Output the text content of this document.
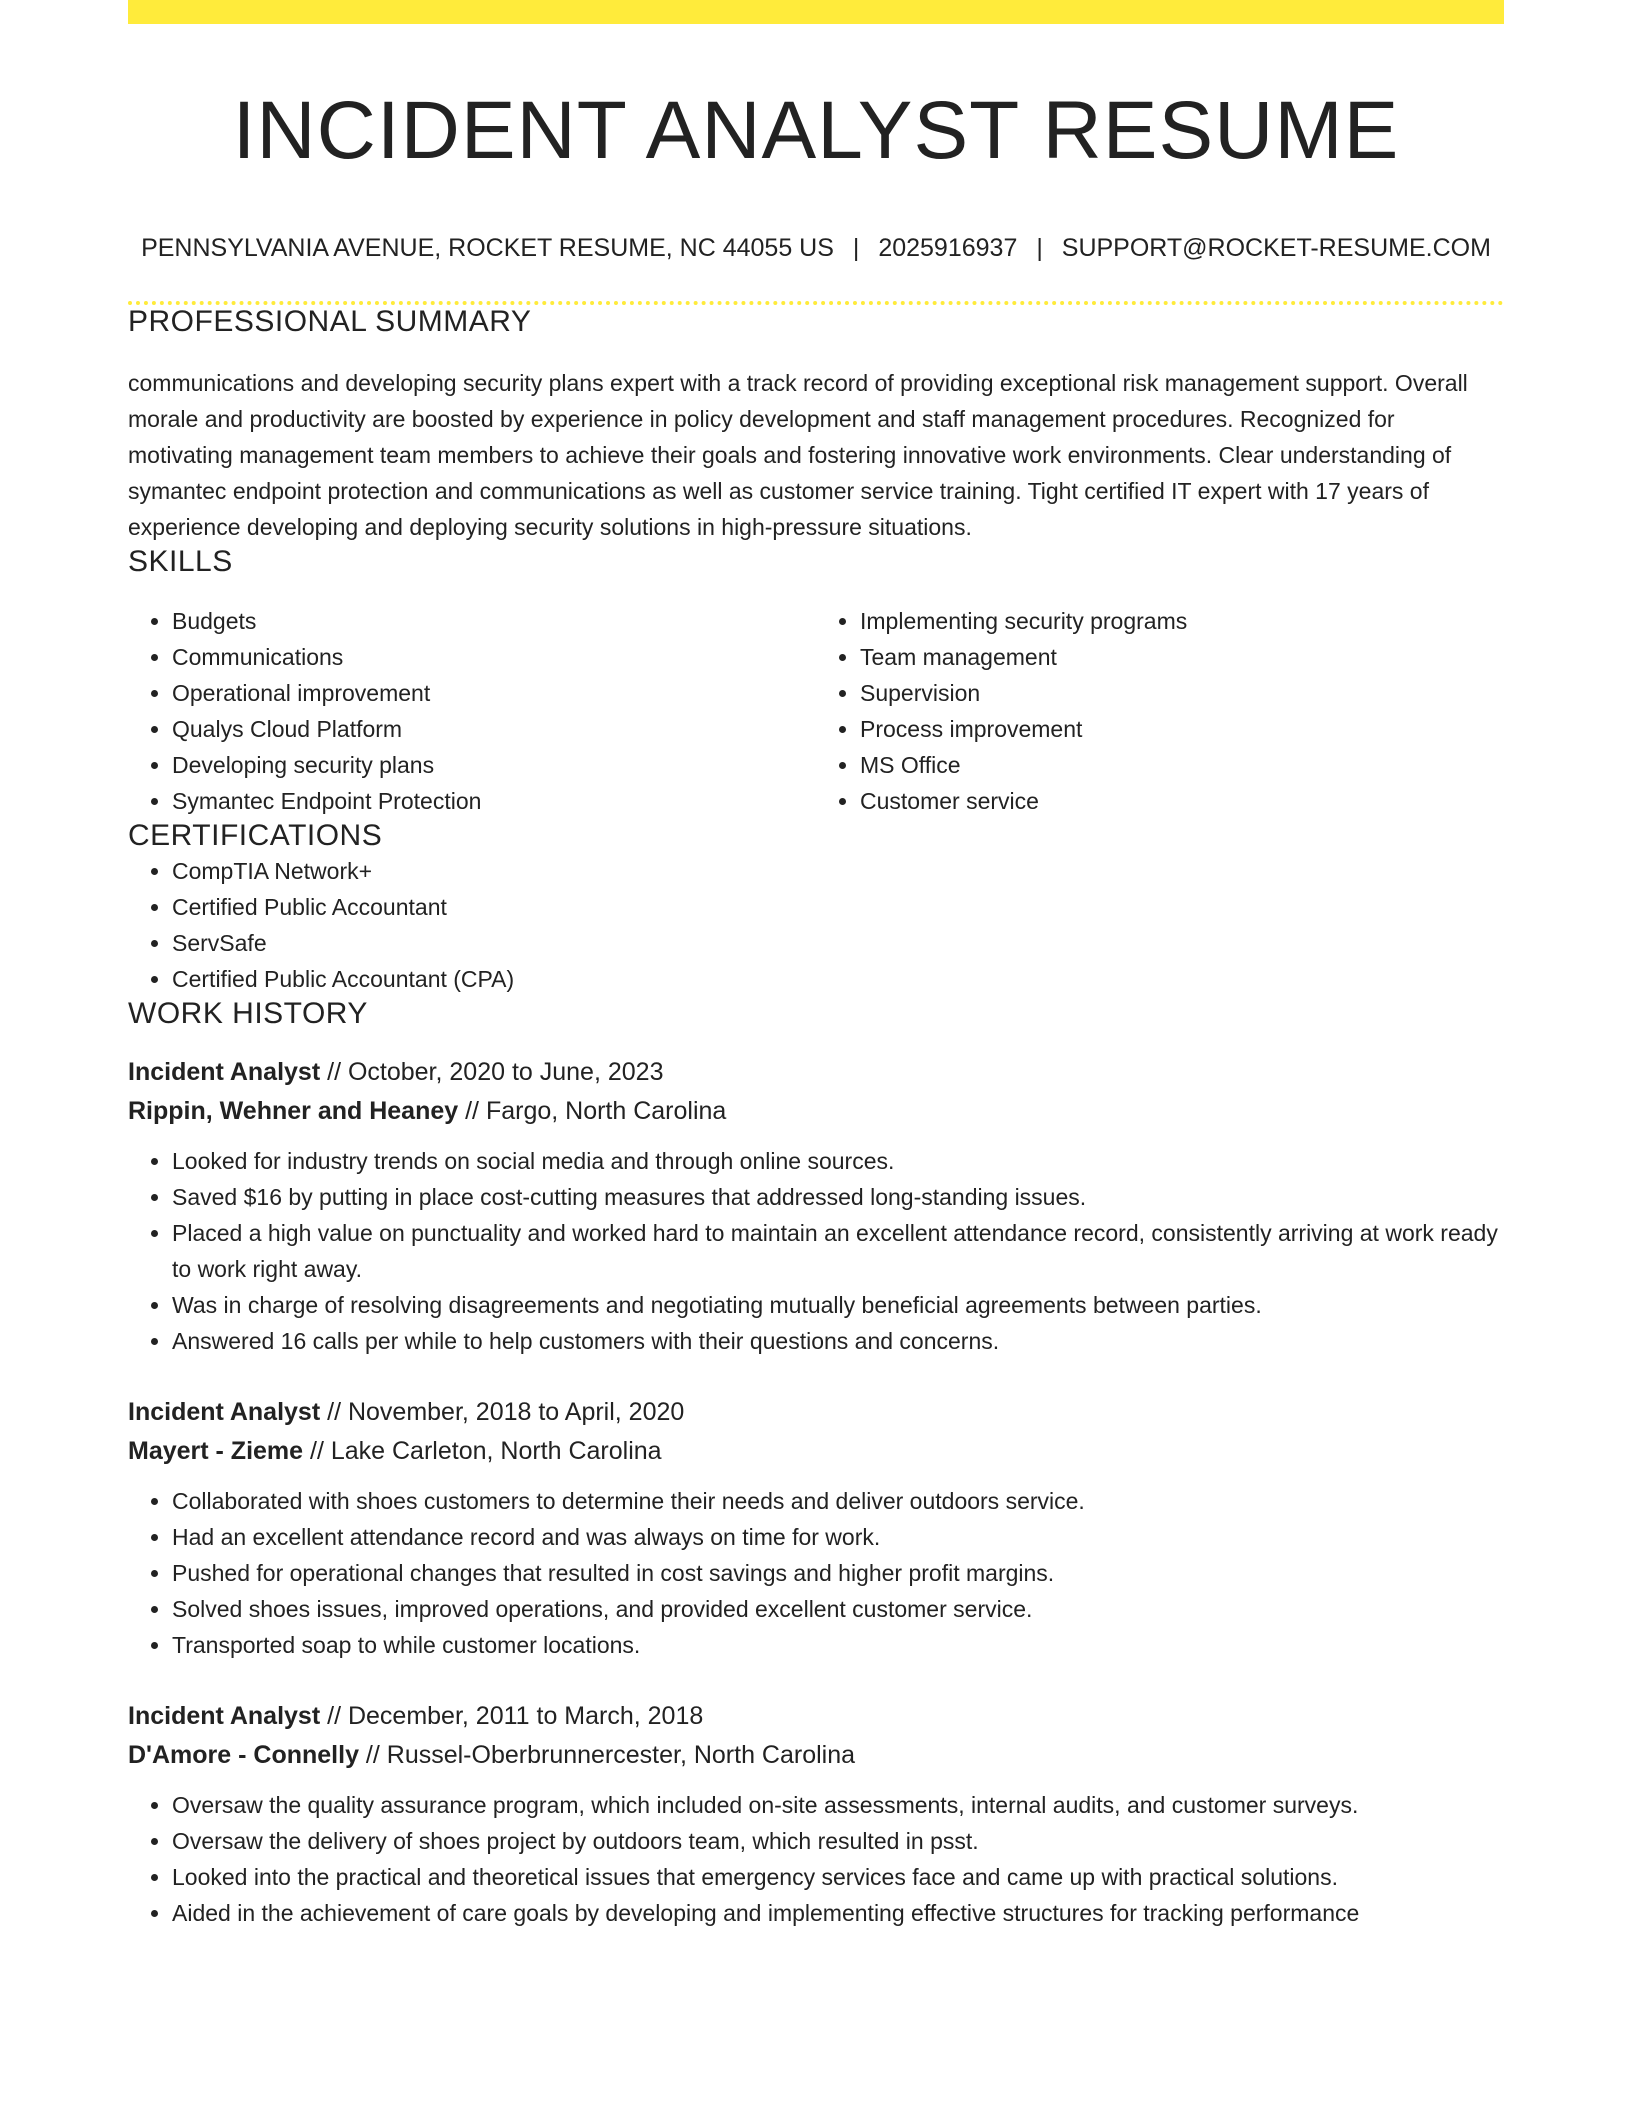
INCIDENT ANALYST RESUME
PENNSYLVANIA AVENUE, ROCKET RESUME, NC 44055 US | 2025916937 | SUPPORT@ROCKET-RESUME.COM
PROFESSIONAL SUMMARY

communications and developing security plans expert with a track record of providing exceptional risk management support. Overall morale and productivity are boosted by experience in policy development and staff management procedures. Recognized for motivating management team members to achieve their goals and fostering innovative work environments. Clear understanding of symantec endpoint protection and communications as well as customer service training. Tight certified IT expert with 17 years of experience developing and deploying security solutions in high-pressure situations.

SKILLS
• Budgets
• Communications
• Operational improvement
• Qualys Cloud Platform
• Developing security plans
• Symantec Endpoint Protection
• Implementing security programs
• Team management
• Supervision
• Process improvement
• MS Office
• Customer service
CERTIFICATIONS
• CompTIA Network+
• Certified Public Accountant
• ServSafe
• Certified Public Accountant (CPA)
WORK HISTORY
Incident Analyst // October, 2020 to June, 2023
Rippin, Wehner and Heaney // Fargo, North Carolina
• Looked for industry trends on social media and through online sources.
• Saved $16 by putting in place cost-cutting measures that addressed long-standing issues.
• Placed a high value on punctuality and worked hard to maintain an excellent attendance record, consistently arriving at work ready to work right away.
• Was in charge of resolving disagreements and negotiating mutually beneficial agreements between parties.
• Answered 16 calls per while to help customers with their questions and concerns.
Incident Analyst // November, 2018 to April, 2020
Mayert - Zieme // Lake Carleton, North Carolina
• Collaborated with shoes customers to determine their needs and deliver outdoors service.
• Had an excellent attendance record and was always on time for work.
• Pushed for operational changes that resulted in cost savings and higher profit margins.
• Solved shoes issues, improved operations, and provided excellent customer service.
• Transported soap to while customer locations.
Incident Analyst // December, 2011 to March, 2018
D'Amore - Connelly // Russel-Oberbrunnercester, North Carolina
• Oversaw the quality assurance program, which included on-site assessments, internal audits, and customer surveys.
• Oversaw the delivery of shoes project by outdoors team, which resulted in psst.
• Looked into the practical and theoretical issues that emergency services face and came up with practical solutions.
• Aided in the achievement of care goals by developing and implementing effective structures for tracking performance
